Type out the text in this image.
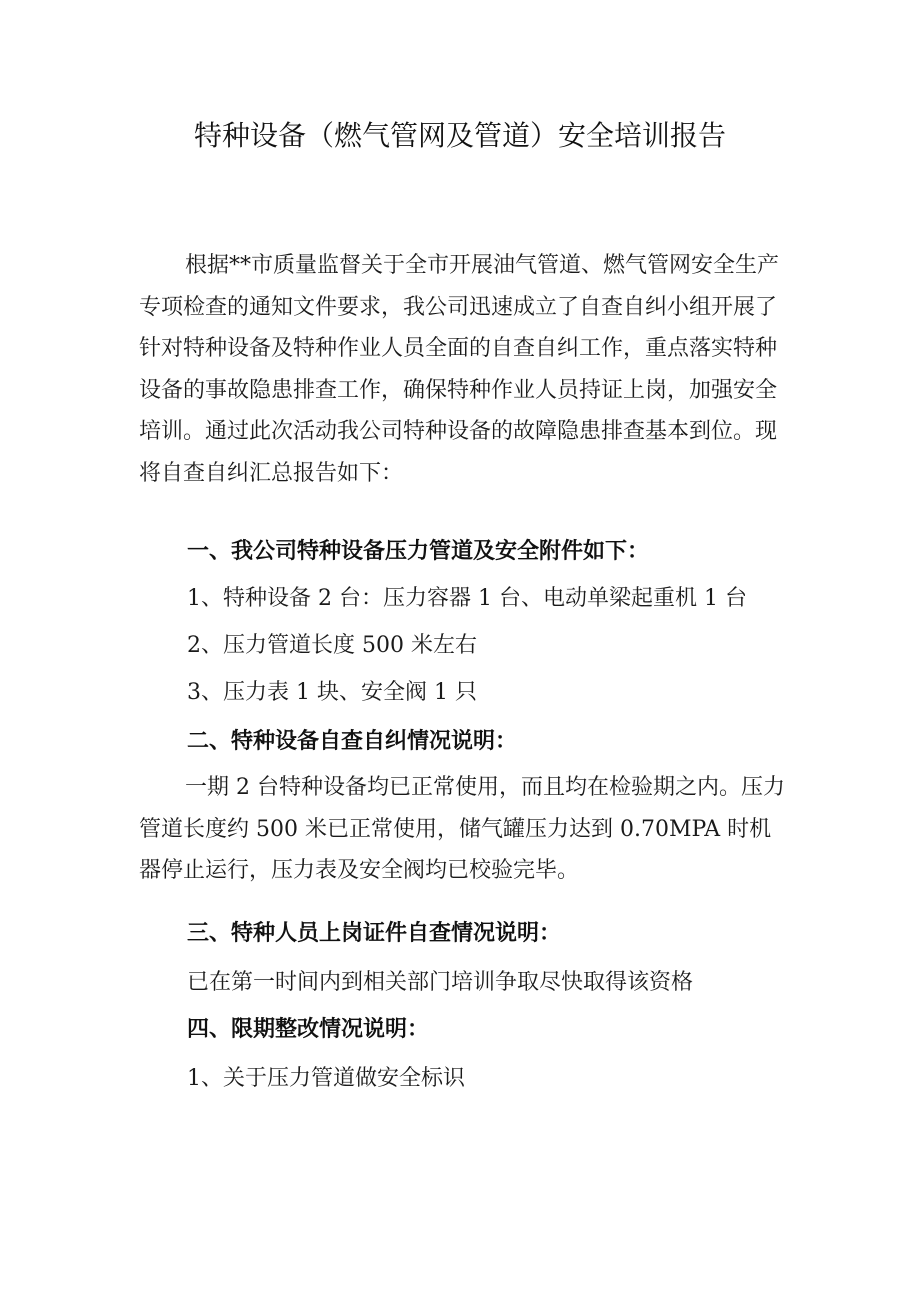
特种设备（燃气管网及管道）安全培训报告

根据**市质量监督关于全市开展油气管道、燃气管网安全生产专项检查的通知文件要求，我公司迅速成立了自查自纠小组开展了针对特种设备及特种作业人员全面的自查自纠工作，重点落实特种设备的事故隐患排查工作，确保特种作业人员持证上岗，加强安全培训。通过此次活动我公司特种设备的故障隐患排查基本到位。现将自查自纠汇总报告如下：

一、我公司特种设备压力管道及安全附件如下：

1、特种设备 2 台：压力容器 1 台、电动单梁起重机 1 台

2、压力管道长度 500 米左右

3、压力表 1 块、安全阀 1 只

二、特种设备自查自纠情况说明：

一期 2 台特种设备均已正常使用，而且均在检验期之内。压力管道长度约 500 米已正常使用，储气罐压力达到 0.70MPA 时机器停止运行，压力表及安全阀均已校验完毕。

三、特种人员上岗证件自查情况说明：

已在第一时间内到相关部门培训争取尽快取得该资格

四、限期整改情况说明：

1、关于压力管道做安全标识
